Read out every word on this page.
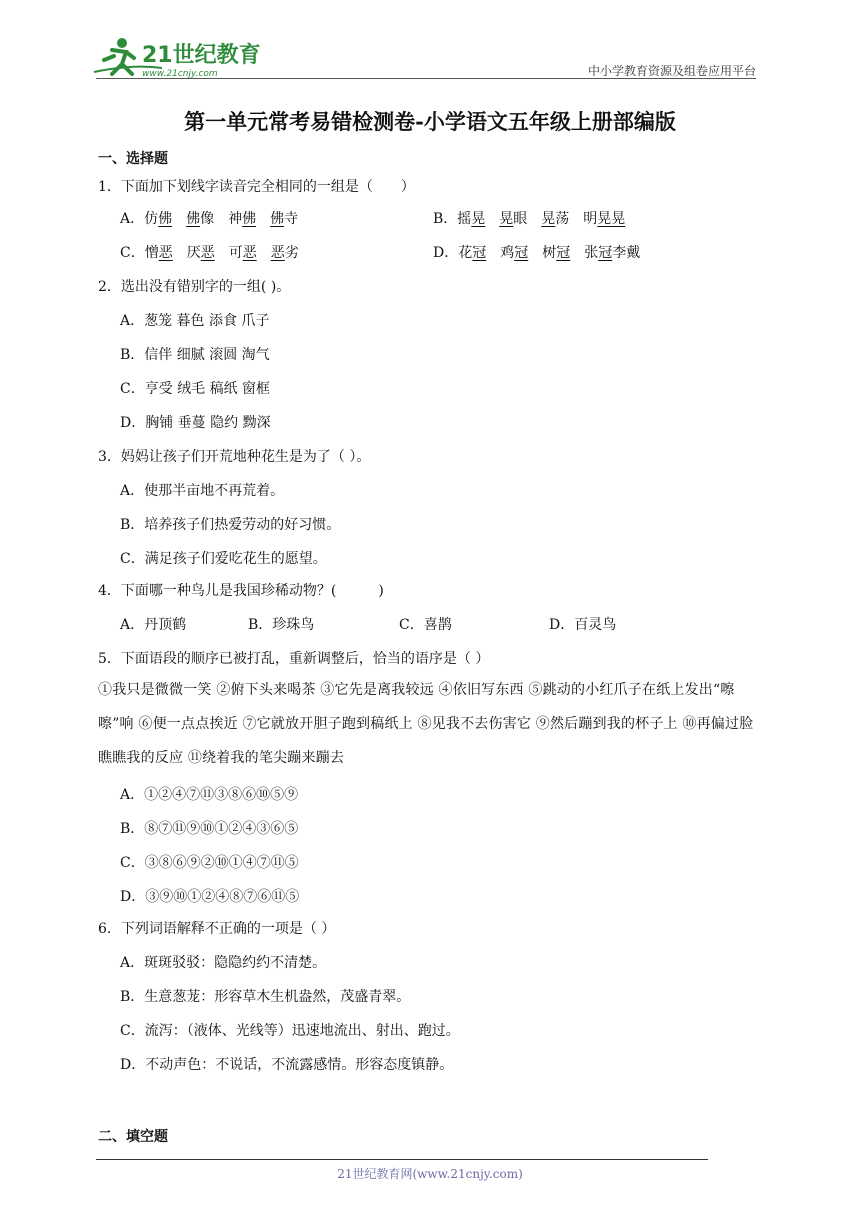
21世纪教育
www.21cnjy.com	中小学教育资源及组卷应用平台
第一单元常考易错检测卷-小学语文五年级上册部编版
一、选择题
1．下面加下划线字读音完全相同的一组是（　　）
A．仿佛　 佛像　神佛　 佛寺	B．摇晃　 晃眼　晃荡　明晃晃
C．憎恶　厌恶　可恶　 恶劣	D．花冠　鸡冠　树冠　张冠李戴
2．选出没有错别字的一组( )。
A．葱笼 暮色 添食 爪子
B．信伴 细腻 滚圆 淘气
C．亨受 绒毛 稿纸 窗框
D．胸铺 垂蔓 隐约 黝深
3．妈妈让孩子们开荒地种花生是为了（ ）。
A．使那半亩地不再荒着。
B．培养孩子们热爱劳动的好习惯。
C．满足孩子们爱吃花生的愿望。
4．下面哪一种鸟儿是我国珍稀动物？(　　　)
A．丹顶鹤	B．珍珠鸟	C．喜鹊	D．百灵鸟
5．下面语段的顺序已被打乱，重新调整后，恰当的语序是（ ）
①我只是微微一笑 ②俯下头来喝茶 ③它先是离我较远 ④依旧写东西 ⑤跳动的小红爪子在纸上发出“嚓嚓”响 ⑥便一点点挨近 ⑦它就放开胆子跑到稿纸上 ⑧见我不去伤害它 ⑨然后蹦到我的杯子上 ⑩再偏过脸瞧瞧我的反应 ⑪绕着我的笔尖蹦来蹦去
A．①②④⑦⑪③⑧⑥⑩⑤⑨
B．⑧⑦⑪⑨⑩①②④③⑥⑤
C．③⑧⑥⑨②⑩①④⑦⑪⑤
D．③⑨⑩①②④⑧⑦⑥⑪⑤
6．下列词语解释不正确的一项是（ ）
A．斑斑驳驳：隐隐约约不清楚。
B．生意葱茏：形容草木生机盎然，茂盛青翠。
C．流泻：（液体、光线等）迅速地流出、射出、跑过。
D．不动声色：不说话，不流露感情。形容态度镇静。
二、填空题
21世纪教育网(www.21cnjy.com)
